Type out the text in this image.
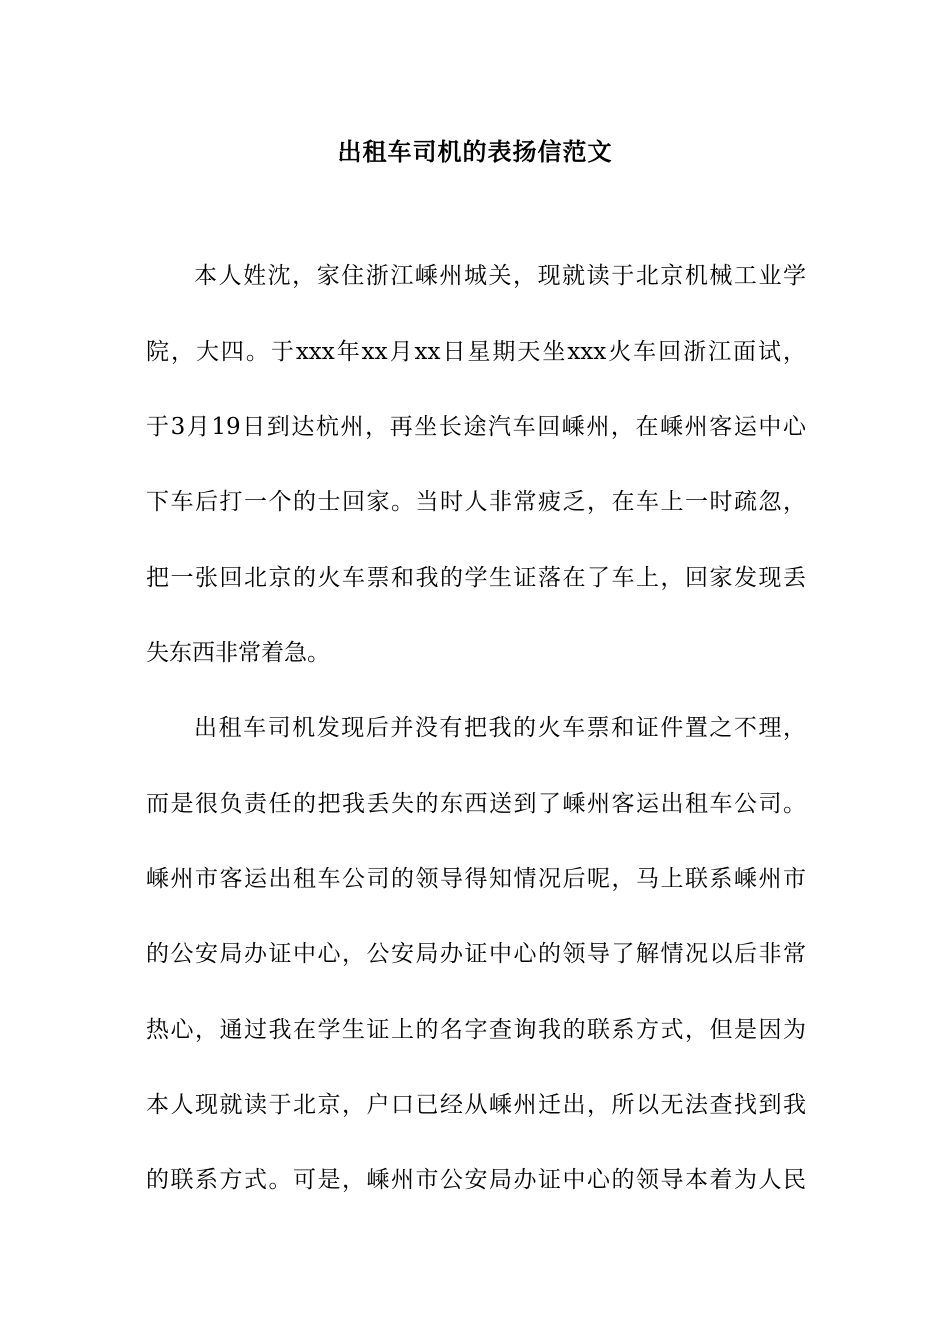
出租车司机的表扬信范文
本人姓沈，家住浙江嵊州城关，现就读于北京机械工业学
院，大四。于xxx年xx月xx日星期天坐xxx火车回浙江面试，
于3月19日到达杭州，再坐长途汽车回嵊州，在嵊州客运中心
下车后打一个的士回家。当时人非常疲乏，在车上一时疏忽，
把一张回北京的火车票和我的学生证落在了车上，回家发现丢
失东西非常着急。
出租车司机发现后并没有把我的火车票和证件置之不理，
而是很负责任的把我丢失的东西送到了嵊州客运出租车公司。
嵊州市客运出租车公司的领导得知情况后呢，马上联系嵊州市
的公安局办证中心，公安局办证中心的领导了解情况以后非常
热心，通过我在学生证上的名字查询我的联系方式，但是因为
本人现就读于北京，户口已经从嵊州迁出，所以无法查找到我
的联系方式。可是，嵊州市公安局办证中心的领导本着为人民
